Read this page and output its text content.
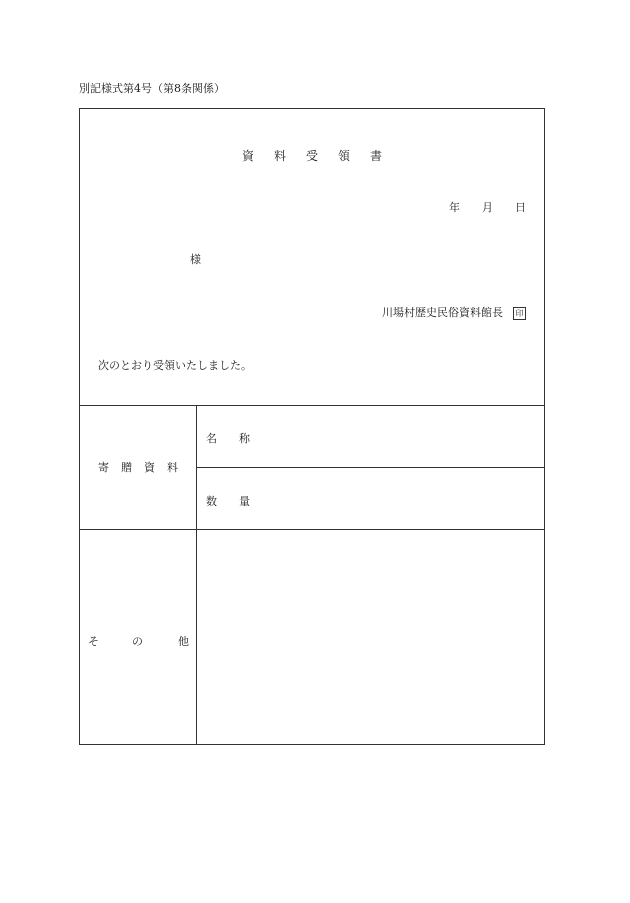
別記様式第4号（第8条関係）
資 料 受 領 書
年 月 日
様
川場村歴史民俗資料館長 印
次のとおり受領いたしました。
寄 贈 資 料
名 称
数 量
そ	の	他
